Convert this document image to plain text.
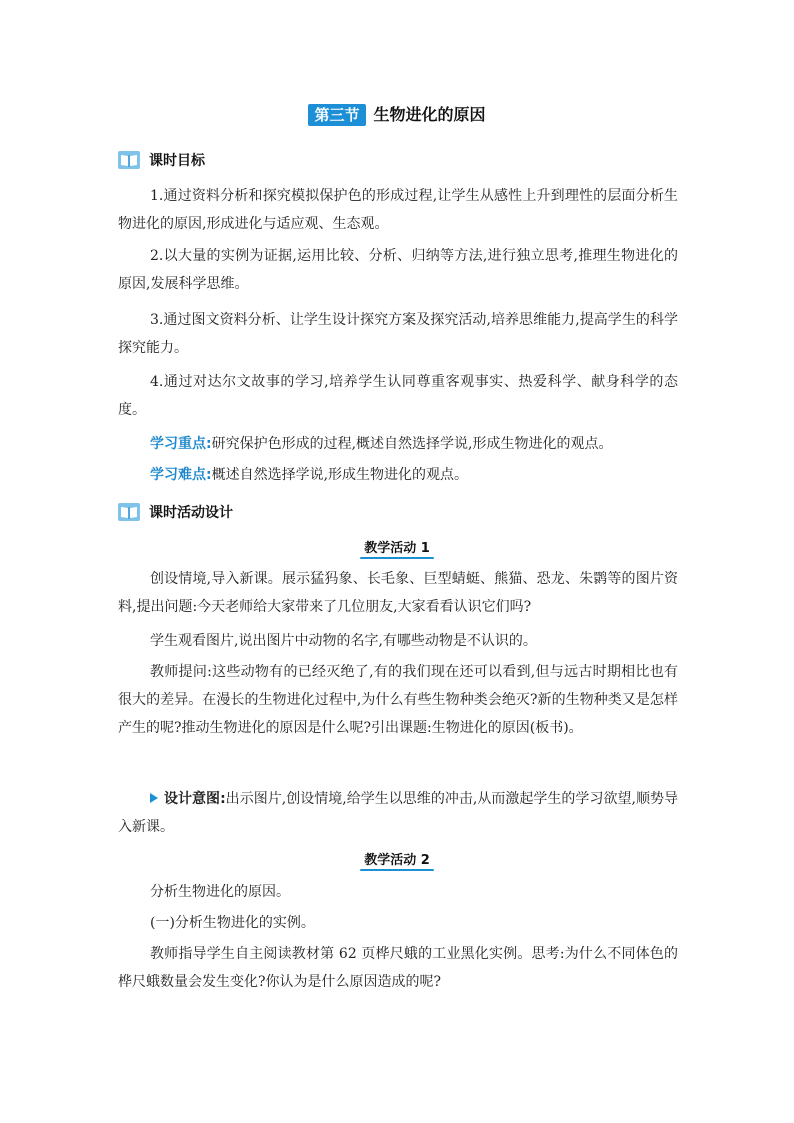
第三节 生物进化的原因
课时目标

1.通过资料分析和探究模拟保护色的形成过程,让学生从感性上升到理性的层面分析生物进化的原因,形成进化与适应观、生态观。

2.以大量的实例为证据,运用比较、分析、归纳等方法,进行独立思考,推理生物进化的原因,发展科学思维。

3.通过图文资料分析、让学生设计探究方案及探究活动,培养思维能力,提高学生的科学探究能力。

4.通过对达尔文故事的学习,培养学生认同尊重客观事实、热爱科学、献身科学的态度。

学习重点:研究保护色形成的过程,概述自然选择学说,形成生物进化的观点。

学习难点:概述自然选择学说,形成生物进化的观点。

课时活动设计
教学活动 1

创设情境,导入新课。展示猛犸象、长毛象、巨型蜻蜓、熊猫、恐龙、朱鹮等的图片资料,提出问题:今天老师给大家带来了几位朋友,大家看看认识它们吗?

学生观看图片,说出图片中动物的名字,有哪些动物是不认识的。

教师提问:这些动物有的已经灭绝了,有的我们现在还可以看到,但与远古时期相比也有很大的差异。在漫长的生物进化过程中,为什么有些生物种类会绝灭?新的生物种类又是怎样产生的呢?推动生物进化的原因是什么呢?引出课题:生物进化的原因(板书)。

设计意图:出示图片,创设情境,给学生以思维的冲击,从而激起学生的学习欲望,顺势导入新课。

教学活动 2

分析生物进化的原因。

(一)分析生物进化的实例。

教师指导学生自主阅读教材第 62 页桦尺蛾的工业黑化实例。思考:为什么不同体色的桦尺蛾数量会发生变化?你认为是什么原因造成的呢?
